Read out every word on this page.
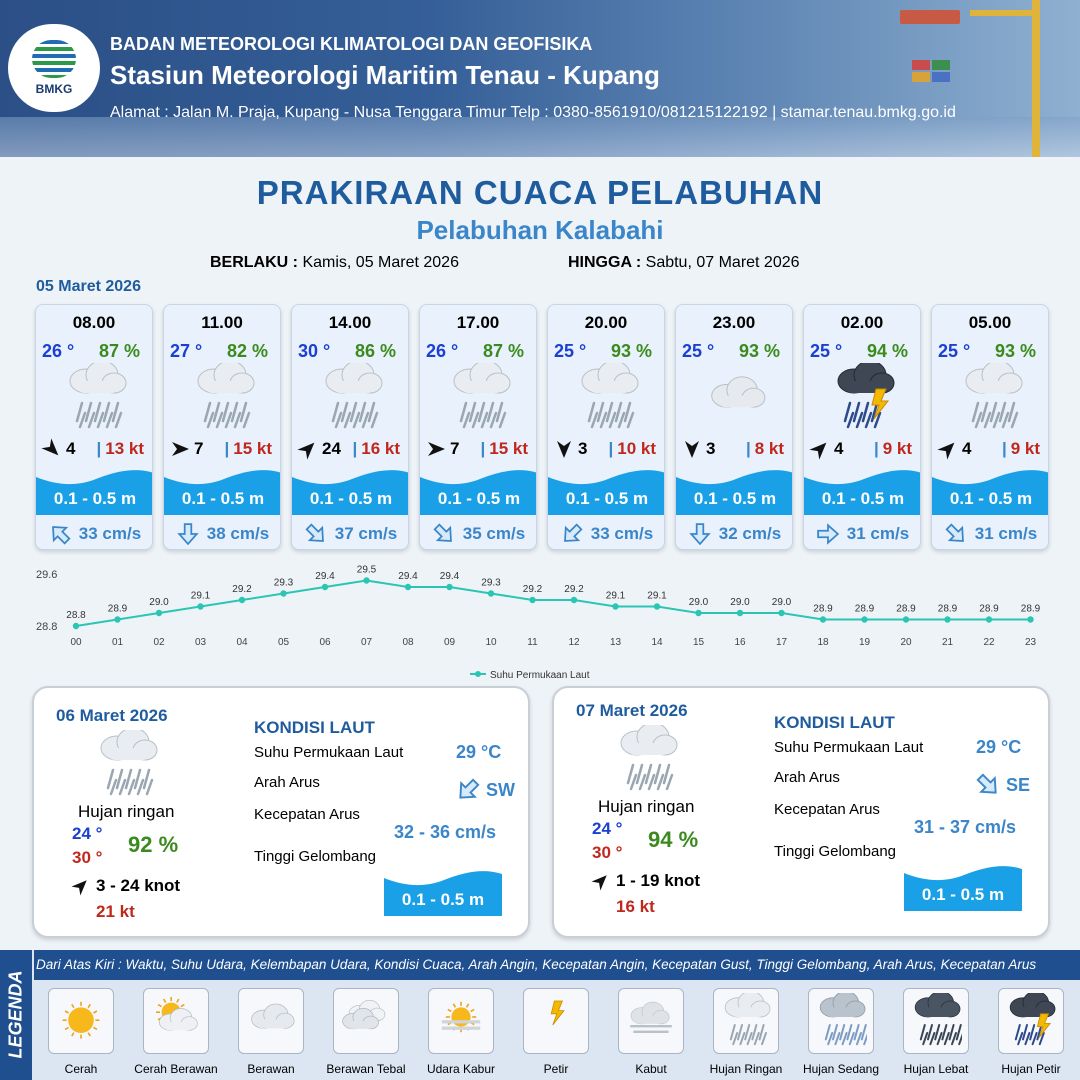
BMKG
BADAN METEOROLOGI KLIMATOLOGI DAN GEOFISIKA
Stasiun Meteorologi Maritim Tenau - Kupang
Alamat : Jalan M. Praja, Kupang - Nusa Tenggara Timur Telp : 0380-8561910/081215122192 | stamar.tenau.bmkg.go.id
PRAKIRAAN CUACA PELABUHAN
Pelabuhan Kalabahi
BERLAKU : Kamis, 05 Maret 2026	HINGGA : Sabtu, 07 Maret 2026
05 Maret 2026
08.00
26 ° 87 %
4 | 13 kt
0.1 - 0.5 m
33 cm/s
11.00
27 ° 82 %
7 | 15 kt
0.1 - 0.5 m
38 cm/s
14.00
30 ° 86 %
24 | 16 kt
0.1 - 0.5 m
37 cm/s
17.00
26 ° 87 %
7 | 15 kt
0.1 - 0.5 m
35 cm/s
20.00
25 ° 93 %
3 | 10 kt
0.1 - 0.5 m
33 cm/s
23.00
25 ° 93 %
3 | 8 kt
0.1 - 0.5 m
32 cm/s
02.00
25 ° 94 %
4 | 9 kt
0.1 - 0.5 m
31 cm/s
05.00
25 ° 93 %
4 | 9 kt
0.1 - 0.5 m
31 cm/s
29.6
28.8
28.8
00
28.9
01
29.0
02
29.1
03
29.2
04
29.3
05
29.4
06
29.5
07
29.4
08
29.4
09
29.3
10
29.2
11
29.2
12
29.1
13
29.1
14
29.0
15
29.0
16
29.0
17
28.9
18
28.9
19
28.9
20
28.9
21
28.9
22
28.9
23
Suhu Permukaan Laut
06 Maret 2026
Hujan ringan
24 °
30 °
92 %
3 - 24 knot
21 kt
KONDISI LAUT
Suhu Permukaan Laut	29 °C
Arah Arus	SW
Kecepatan Arus
32 - 36 cm/s
Tinggi Gelombang
0.1 - 0.5 m
07 Maret 2026
Hujan ringan
24 °
30 °
94 %
1 - 19 knot
16 kt
KONDISI LAUT
Suhu Permukaan Laut	29 °C
Arah Arus	SE
Kecepatan Arus
31 - 37 cm/s
Tinggi Gelombang
0.1 - 0.5 m
LEGENDA
Dari Atas Kiri : Waktu, Suhu Udara, Kelembapan Udara, Kondisi Cuaca, Arah Angin, Kecepatan Angin, Kecepatan Gust, Tinggi Gelombang, Arah Arus, Kecepatan Arus
Cerah	Cerah Berawan	Berawan	Berawan Tebal	Udara Kabur	Petir	Kabut	Hujan Ringan	Hujan Sedang	Hujan Lebat	Hujan Petir
